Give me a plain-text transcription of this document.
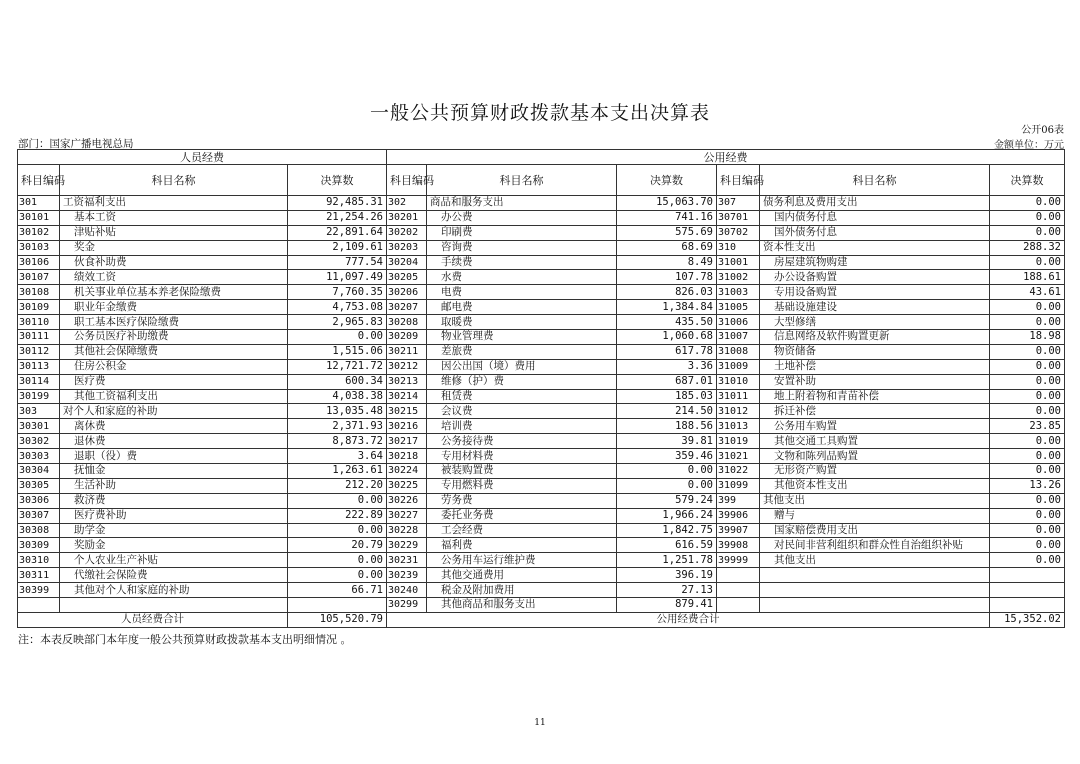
一般公共预算财政拨款基本支出决算表
公开06表
部门：国家广播电视总局	金额单位：万元
人员经费			公用经费					
科目编码	科目名称	决算数	科目编码	科目名称	决算数	科目编码	科目名称	决算数
301	工资福利支出	92,485.31	302	商品和服务支出	15,063.70	307	债务利息及费用支出	0.00
30101	基本工资	21,254.26	30201	办公费	741.16	30701	国内债务付息	0.00
30102	津贴补贴	22,891.64	30202	印刷费	575.69	30702	国外债务付息	0.00
30103	奖金	2,109.61	30203	咨询费	68.69	310	资本性支出	288.32
30106	伙食补助费	777.54	30204	手续费	8.49	31001	房屋建筑物购建	0.00
30107	绩效工资	11,097.49	30205	水费	107.78	31002	办公设备购置	188.61
30108	机关事业单位基本养老保险缴费	7,760.35	30206	电费	826.03	31003	专用设备购置	43.61
30109	职业年金缴费	4,753.08	30207	邮电费	1,384.84	31005	基础设施建设	0.00
30110	职工基本医疗保险缴费	2,965.83	30208	取暖费	435.50	31006	大型修缮	0.00
30111	公务员医疗补助缴费	0.00	30209	物业管理费	1,060.68	31007	信息网络及软件购置更新	18.98
30112	其他社会保障缴费	1,515.06	30211	差旅费	617.78	31008	物资储备	0.00
30113	住房公积金	12,721.72	30212	因公出国（境）费用	3.36	31009	土地补偿	0.00
30114	医疗费	600.34	30213	维修（护）费	687.01	31010	安置补助	0.00
30199	其他工资福利支出	4,038.38	30214	租赁费	185.03	31011	地上附着物和青苗补偿	0.00
303	对个人和家庭的补助	13,035.48	30215	会议费	214.50	31012	拆迁补偿	0.00
30301	离休费	2,371.93	30216	培训费	188.56	31013	公务用车购置	23.85
30302	退休费	8,873.72	30217	公务接待费	39.81	31019	其他交通工具购置	0.00
30303	退职（役）费	3.64	30218	专用材料费	359.46	31021	文物和陈列品购置	0.00
30304	抚恤金	1,263.61	30224	被装购置费	0.00	31022	无形资产购置	0.00
30305	生活补助	212.20	30225	专用燃料费	0.00	31099	其他资本性支出	13.26
30306	救济费	0.00	30226	劳务费	579.24	399	其他支出	0.00
30307	医疗费补助	222.89	30227	委托业务费	1,966.24	39906	赠与	0.00
30308	助学金	0.00	30228	工会经费	1,842.75	39907	国家赔偿费用支出	0.00
30309	奖励金	20.79	30229	福利费	616.59	39908	对民间非营利组织和群众性自治组织补贴	0.00
30310	个人农业生产补贴	0.00	30231	公务用车运行维护费	1,251.78	39999	其他支出	0.00
30311	代缴社会保险费	0.00	30239	其他交通费用	396.19			
30399	其他对个人和家庭的补助	66.71	30240	税金及附加费用	27.13			
			30299	其他商品和服务支出	879.41			
人员经费合计		105,520.79	公用经费合计					15,352.02
注：本表反映部门本年度一般公共预算财政拨款基本支出明细情况 。
11
